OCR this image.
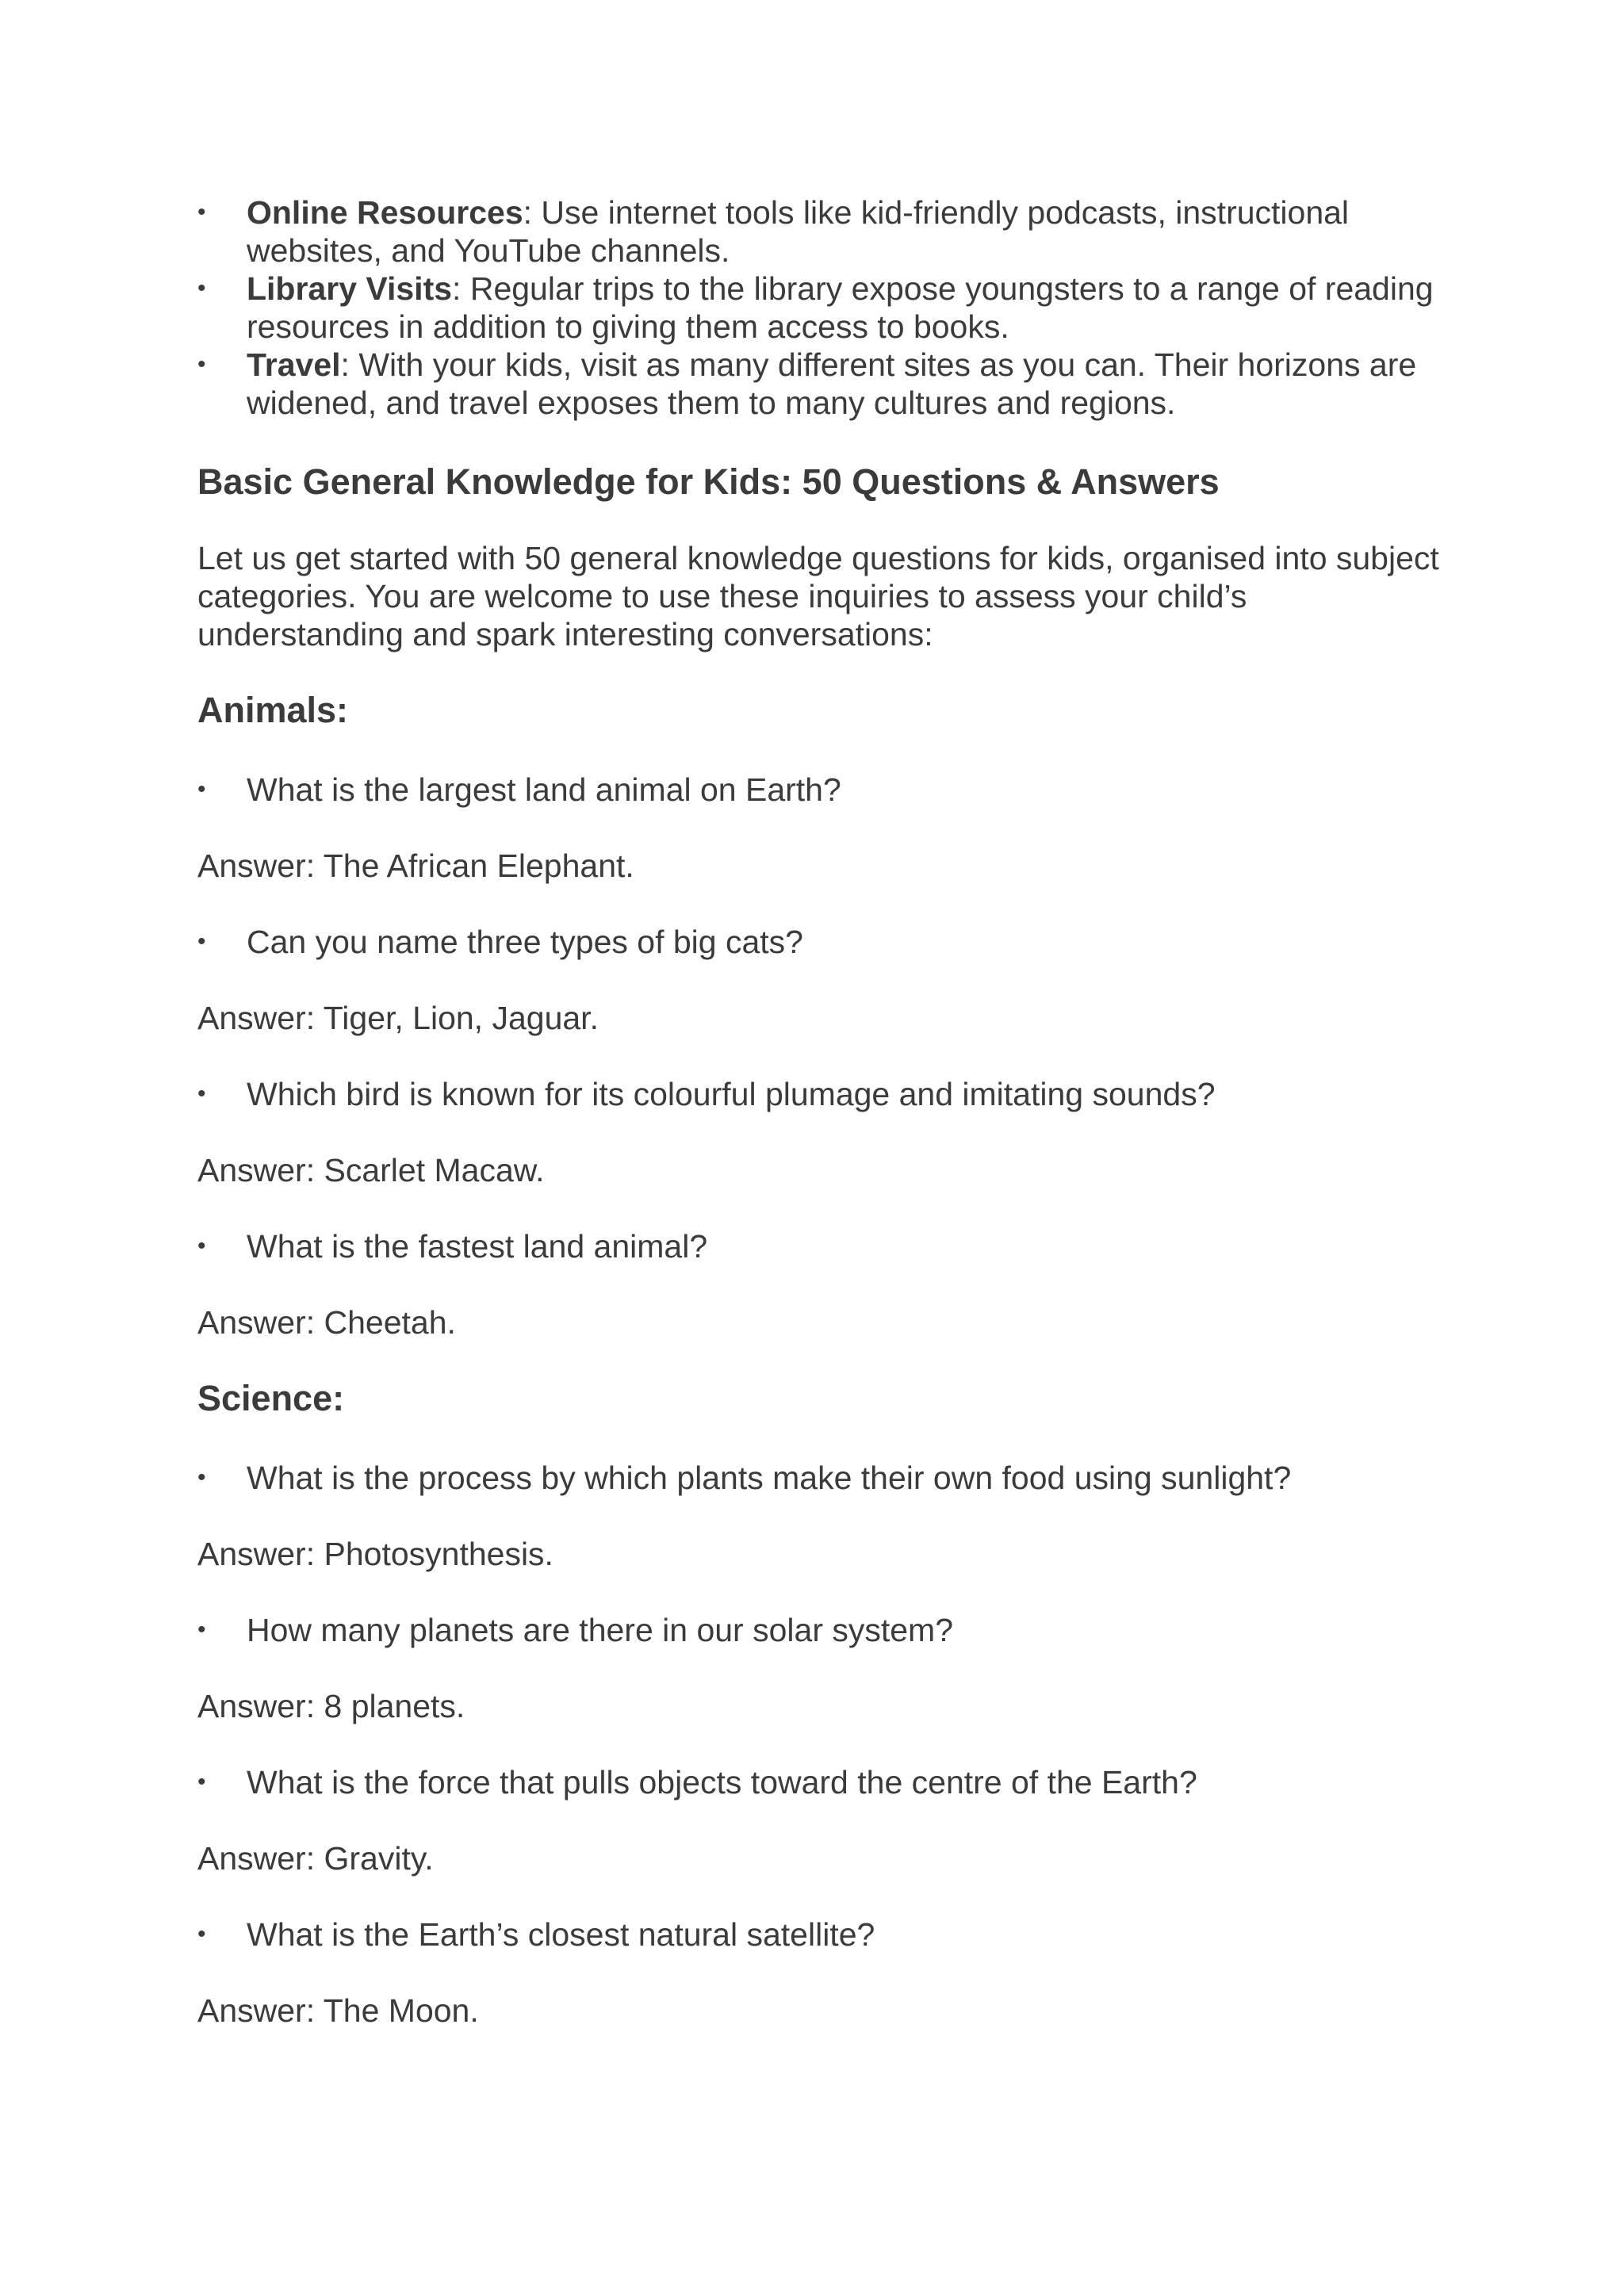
•	Online Resources: Use internet tools like kid-friendly podcasts, instructional websites, and YouTube channels.
•	Library Visits: Regular trips to the library expose youngsters to a range of reading resources in addition to giving them access to books.
•	Travel: With your kids, visit as many different sites as you can. Their horizons are widened, and travel exposes them to many cultures and regions.
Basic General Knowledge for Kids: 50 Questions & Answers

Let us get started with 50 general knowledge questions for kids, organised into subject categories. You are welcome to use these inquiries to assess your child’s understanding and spark interesting conversations:

Animals:
•	What is the largest land animal on Earth?
Answer: The African Elephant.
•	Can you name three types of big cats?
Answer: Tiger, Lion, Jaguar.
•	Which bird is known for its colourful plumage and imitating sounds?
Answer: Scarlet Macaw.
•	What is the fastest land animal?
Answer: Cheetah.
Science:
•	What is the process by which plants make their own food using sunlight?
Answer: Photosynthesis.
•	How many planets are there in our solar system?
Answer: 8 planets.
•	What is the force that pulls objects toward the centre of the Earth?
Answer: Gravity.
•	What is the Earth’s closest natural satellite?
Answer: The Moon.
